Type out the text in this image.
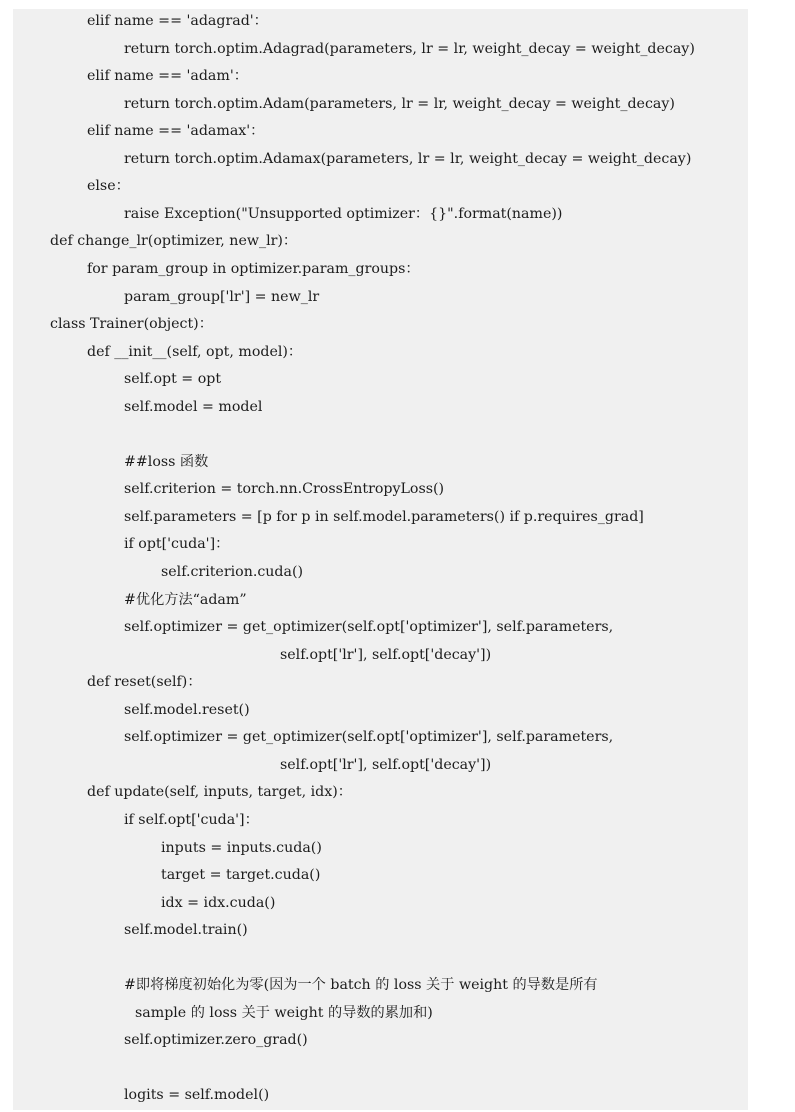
elif name == 'adagrad'：
return torch.optim.Adagrad(parameters, lr = lr, weight_decay = weight_decay)
elif name == 'adam'：
return torch.optim.Adam(parameters, lr = lr, weight_decay = weight_decay)
elif name == 'adamax'：
return torch.optim.Adamax(parameters, lr = lr, weight_decay = weight_decay)
else：
raise Exception("Unsupported optimizer：{}".format(name))
def change_lr(optimizer, new_lr)：
for param_group in optimizer.param_groups：
param_group['lr'] = new_lr
class Trainer(object)：
def __init__(self, opt, model)：
self.opt = opt
self.model = model
##loss 函数
self.criterion = torch.nn.CrossEntropyLoss()
self.parameters = [p for p in self.model.parameters() if p.requires_grad]
if opt['cuda']：
self.criterion.cuda()
#优化方法“adam”
self.optimizer = get_optimizer(self.opt['optimizer'], self.parameters,
self.opt['lr'], self.opt['decay'])
def reset(self)：
self.model.reset()
self.optimizer = get_optimizer(self.opt['optimizer'], self.parameters,
self.opt['lr'], self.opt['decay'])
def update(self, inputs, target, idx)：
if self.opt['cuda']：
inputs = inputs.cuda()
target = target.cuda()
idx = idx.cuda()
self.model.train()
#即将梯度初始化为零(因为一个 batch 的 loss 关于 weight 的导数是所有
sample 的 loss 关于 weight 的导数的累加和)
self.optimizer.zero_grad()
logits = self.model()
